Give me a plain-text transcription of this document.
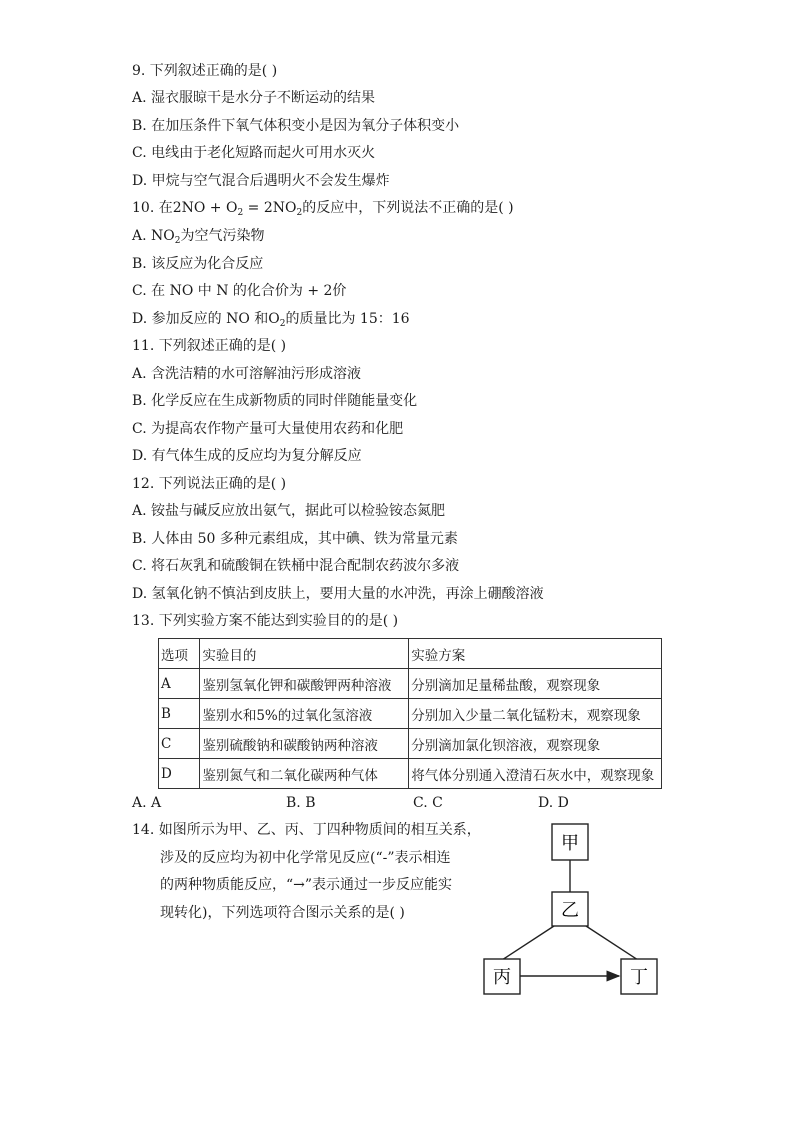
9. 下列叙述正确的是( )
A. 湿衣服晾干是水分子不断运动的结果
B. 在加压条件下氧气体积变小是因为氧分子体积变小
C. 电线由于老化短路而起火可用水灭火
D. 甲烷与空气混合后遇明火不会发生爆炸
10. 在$2NO + O_2 = 2NO_2$的反应中，下列说法不正确的是( )
A. $NO_2$为空气污染物
B. 该反应为化合反应
C. 在 NO 中 N 的化合价为 + 2价
D. 参加反应的 NO 和$O_2$的质量比为 15：16
11. 下列叙述正确的是( )
A. 含洗洁精的水可溶解油污形成溶液
B. 化学反应在生成新物质的同时伴随能量变化
C. 为提高农作物产量可大量使用农药和化肥
D. 有气体生成的反应均为复分解反应
12. 下列说法正确的是( )
A. 铵盐与碱反应放出氨气，据此可以检验铵态氮肥
B. 人体由 50 多种元素组成，其中碘、铁为常量元素
C. 将石灰乳和硫酸铜在铁桶中混合配制农药波尔多液
D. 氢氧化钠不慎沾到皮肤上，要用大量的水冲洗，再涂上硼酸溶液
13. 下列实验方案不能达到实验目的的是( )
选项	实验目的	实验方案
A	鉴别氢氧化钾和碳酸钾两种溶液	分别滴加足量稀盐酸，观察现象
B	鉴别水和5%的过氧化氢溶液	分别加入少量二氧化锰粉末，观察现象
C	鉴别硫酸钠和碳酸钠两种溶液	分别滴加氯化钡溶液，观察现象
D	鉴别氮气和二氧化碳两种气体	将气体分别通入澄清石灰水中，观察现象
A. A	B. B	C. C	D. D
14. 如图所示为甲、乙、丙、丁四种物质间的相互关系，
涉及的反应均为初中化学常见反应(“-”表示相连
的两种物质能反应，“→”表示通过一步反应能实
现转化)，下列选项符合图示关系的是( )
甲
乙
丙	丁
